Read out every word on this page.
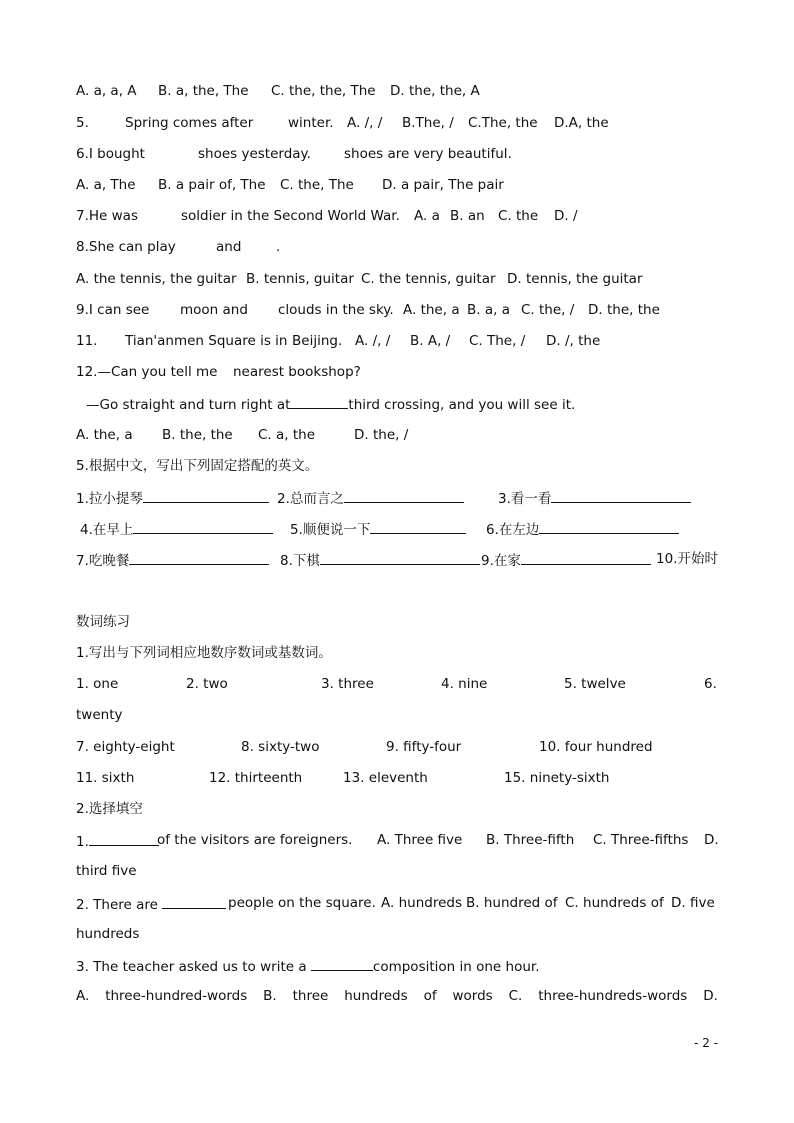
A. a, a, A B. a, the, The C. the, the, The D. the, the, A
5.	Spring comes after	winter. A. /, / B.The, / C.The, the D.A, the
6.I bought	shoes yesterday. shoes are very beautiful.
A. a, The B. a pair of, The C. the, The D. a pair, The pair
7.He was	soldier in the Second World War. A. a B. an C. the D. /
8.She can play	and	.
A. the tennis, the guitar B. tennis, guitar C. the tennis, guitar D. tennis, the guitar
9.I can see moon and clouds in the sky. A. the, a B. a, a C. the, / D. the, the
11. Tian'anmen Square is in Beijing. A. /, / B. A, / C. The, / D. /, the
12.—Can you tell me nearest bookshop?
—Go straight and turn right at	third crossing, and you will see it.
A. the, a B. the, the C. a, the	D. the, /
5.根据中文，写出下列固定搭配的英文。
1.拉小提琴	2.总而言之	3.看一看
4.在早上	5.顺便说一下	6.在左边
7.吃晚餐	8.下棋	9.在家	10.开始时
数词练习
1.写出与下列词相应地数序数词或基数词。
1. one	2. two	3. three	4. nine	5. twelve	6.
twenty
7. eighty-eight	8. sixty-two	9. fifty-four	10. four hundred
11. sixth	12. thirteenth	13. eleventh	15. ninety-sixth
2.选择填空
1.	of the visitors are foreigners. A. Three five B. Three-fifth C. Three-fifths D.
third five
2. There are	people on the square. A. hundreds B. hundred of C. hundreds of D. five
hundreds
3. The teacher asked us to write a	composition in one hour.
A. three-hundred-words B. three hundreds of words C. three-hundreds-words D.
- 2 -
